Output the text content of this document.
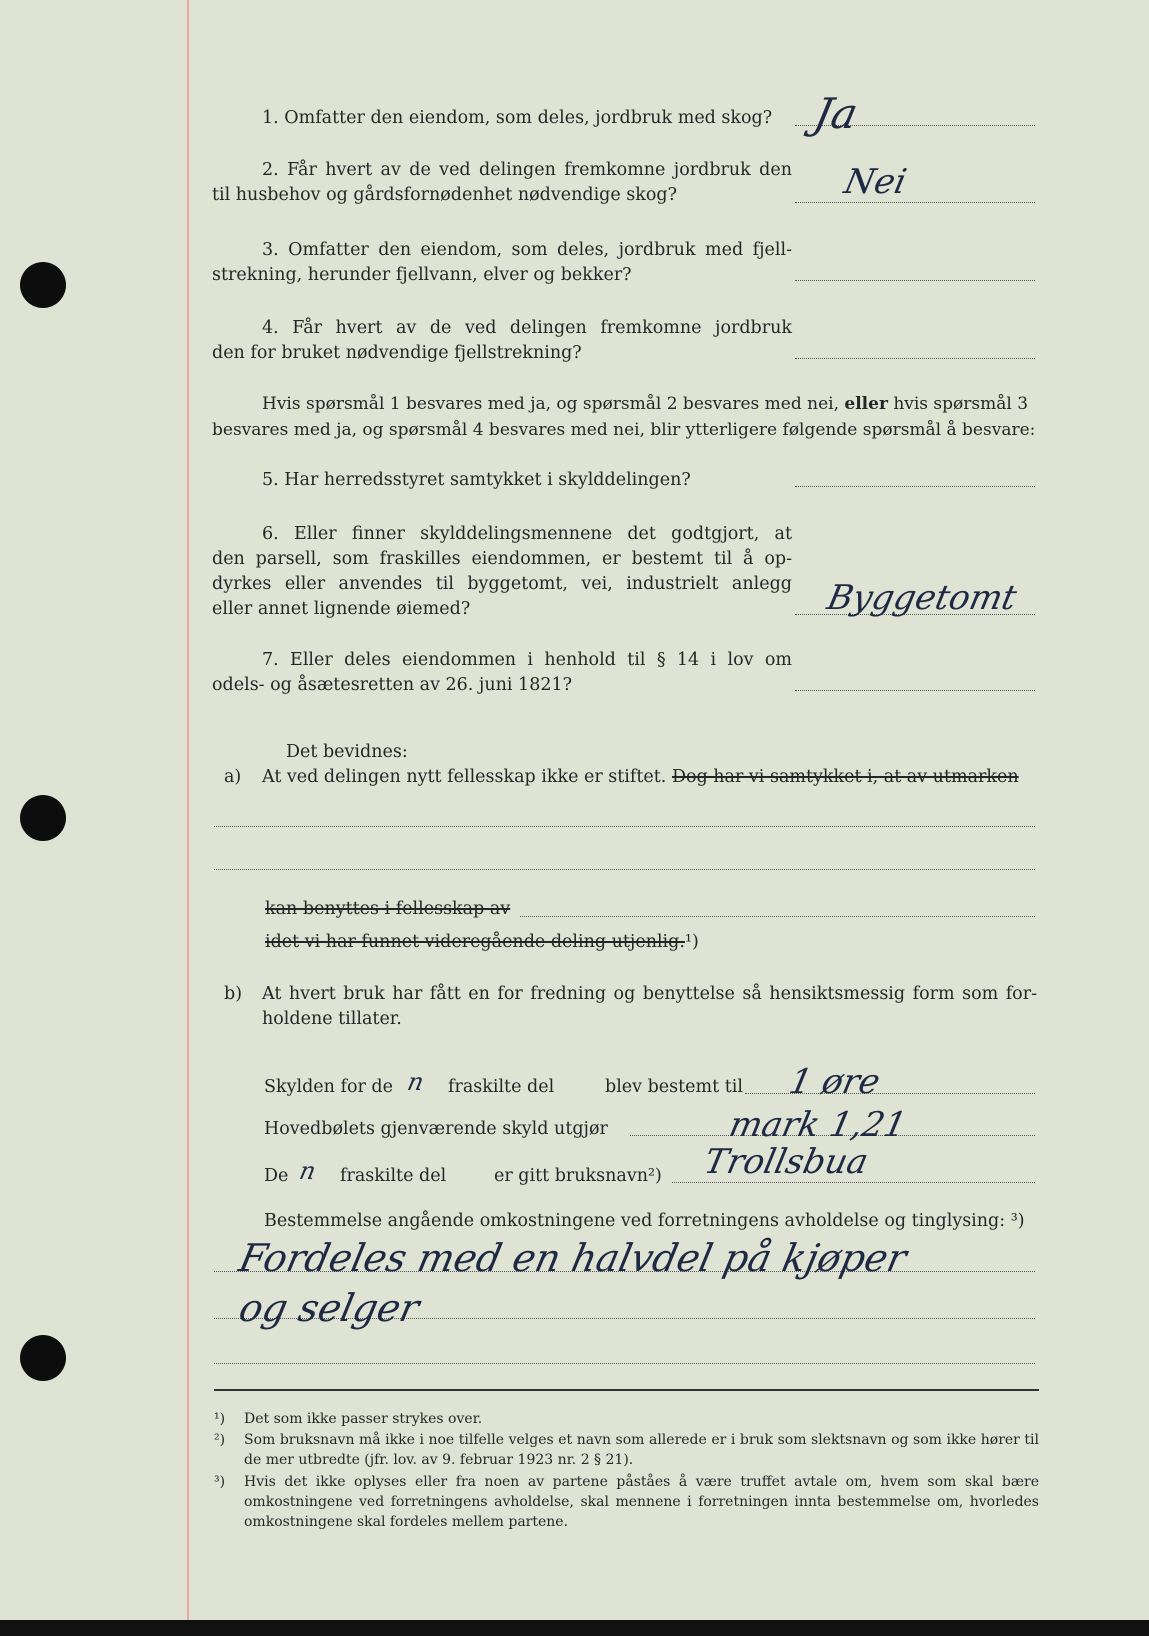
1. Omfatter den eiendom, som deles, jordbruk med skog? Ja

2. Får hvert av de ved delingen fremkomne jordbruk den

til husbehov og gårdsfornødenhet nødvendige skog?	Nei

3. Omfatter den eiendom, som deles, jordbruk med fjell-

strekning, herunder fjellvann, elver og bekker?

4. Får hvert av de ved delingen fremkomne jordbruk

den for bruket nødvendige fjellstrekning?

Hvis spørsmål 1 besvares med ja, og spørsmål 2 besvares med nei, eller hvis spørsmål 3

besvares med ja, og spørsmål 4 besvares med nei, blir ytterligere følgende spørsmål å besvare:

5. Har herredsstyret samtykket i skylddelingen?

6. Eller finner skylddelingsmennene det godtgjort, at

den parsell, som fraskilles eiendommen, er bestemt til å op-

dyrkes eller anvendes til byggetomt, vei, industrielt anlegg

eller annet lignende øiemed?	Byggetomt

7. Eller deles eiendommen i henhold til § 14 i lov om

odels- og åsætesretten av 26. juni 1821?

Det bevidnes:

a) At ved delingen nytt fellesskap ikke er stiftet. Dog har vi samtykket i, at av utmarken

kan benyttes i fellesskap av

idet vi har funnet videregående deling utjenlig.¹)

b) At hvert bruk har fått en for fredning og benyttelse så hensiktsmessig form som for-

holdene tillater.

Skylden for de n fraskilte del	blev bestemt til 1 øre

Hovedbølets gjenværende skyld utgjør	mark 1,21

De n fraskilte del	er gitt bruksnavn²) Trollsbua

Bestemmelse angående omkostningene ved forretningens avholdelse og tinglysing: ³)

Fordeles med en halvdel på kjøper

og selger

¹) Det som ikke passer strykes over.

²) Som bruksnavn må ikke i noe tilfelle velges et navn som allerede er i bruk som slektsnavn og som ikke hører til de mer utbredte (jfr. lov. av 9. februar 1923 nr. 2 § 21).

³) Hvis det ikke oplyses eller fra noen av partene påståes å være truffet avtale om, hvem som skal bære omkostningene ved forretningens avholdelse, skal mennene i forretningen innta bestemmelse om, hvorledes omkostningene skal fordeles mellem partene.
